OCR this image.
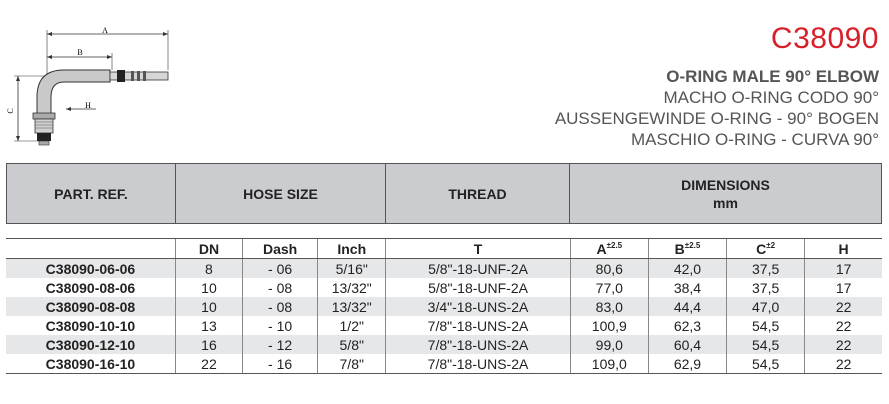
A
B
C
H
C38090
O-RING MALE 90° ELBOW
MACHO O-RING CODO 90°
AUSSENGEWINDE O-RING - 90° BOGEN
MASCHIO O-RING - CURVA 90°
PART. REF.	HOSE SIZE	THREAD
DIMENSIONS
mm
	DN	Dash	Inch	T	$A^{\pm 2.5}$	$B^{\pm 2.5}$	$C^{\pm 2}$	H
C38090-06-06	8	- 06	5/16"	5/8"-18-UNF-2A	80,6	42,0	37,5	17
C38090-08-06	10	- 08	13/32"	5/8"-18-UNF-2A	77,0	38,4	37,5	17
C38090-08-08	10	- 08	13/32"	3/4"-18-UNS-2A	83,0	44,4	47,0	22
C38090-10-10	13	- 10	1/2"	7/8"-18-UNS-2A	100,9	62,3	54,5	22
C38090-12-10	16	- 12	5/8"	7/8"-18-UNS-2A	99,0	60,4	54,5	22
C38090-16-10	22	- 16	7/8"	7/8"-18-UNS-2A	109,0	62,9	54,5	22
